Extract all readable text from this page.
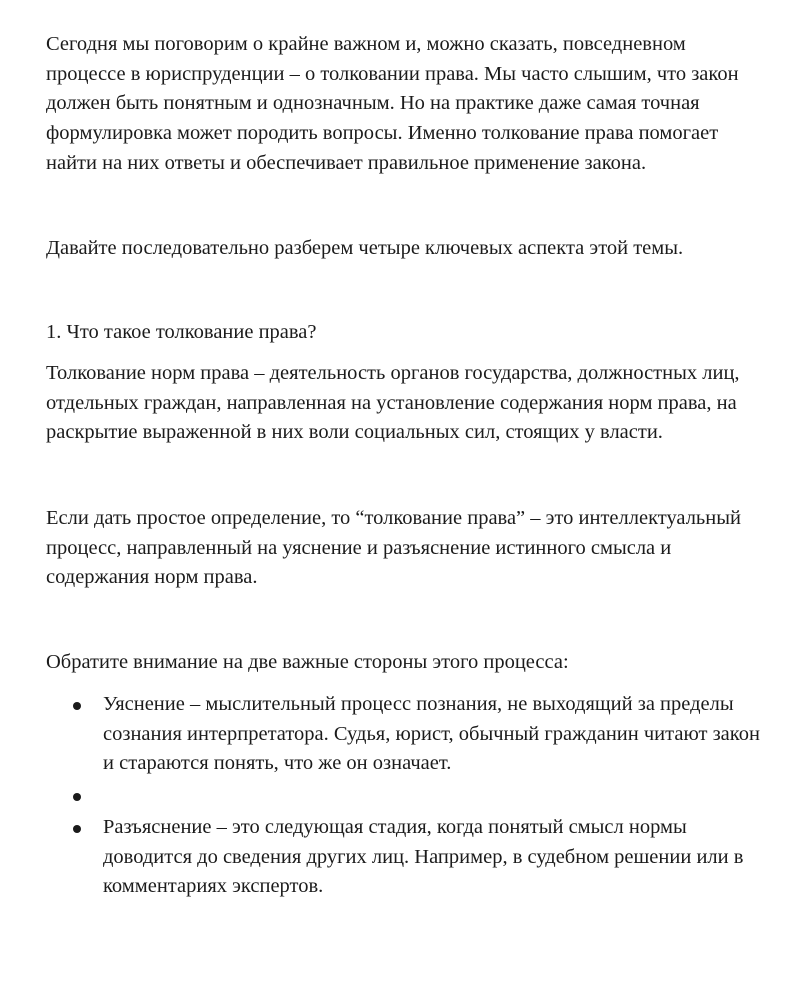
Сегодня мы поговорим о крайне важном и, можно сказать, повседневном процессе в юриспруденции – о толковании права. Мы часто слышим, что закон должен быть понятным и однозначным. Но на практике даже самая точная формулировка может породить вопросы. Именно толкование права помогает найти на них ответы и обеспечивает правильное применение закона.

Давайте последовательно разберем четыре ключевых аспекта этой темы.

1. Что такое толкование права?

Толкование норм права – деятельность органов государства, должностных лиц, отдельных граждан, направленная на установление содержания норм права, на раскрытие выраженной в них воли социальных сил, стоящих у власти.

Если дать простое определение, то “толкование права” – это интеллектуальный процесс, направленный на уяснение и разъяснение истинного смысла и содержания норм права.

Обратите внимание на две важные стороны этого процесса:

Уяснение – мыслительный процесс познания, не выходящий за пределы сознания интерпретатора. Судья, юрист, обычный гражданин читают закон и стараются понять, что же он означает.
Разъяснение – это следующая стадия, когда понятый смысл нормы доводится до сведения других лиц. Например, в судебном решении или в комментариях экспертов.
